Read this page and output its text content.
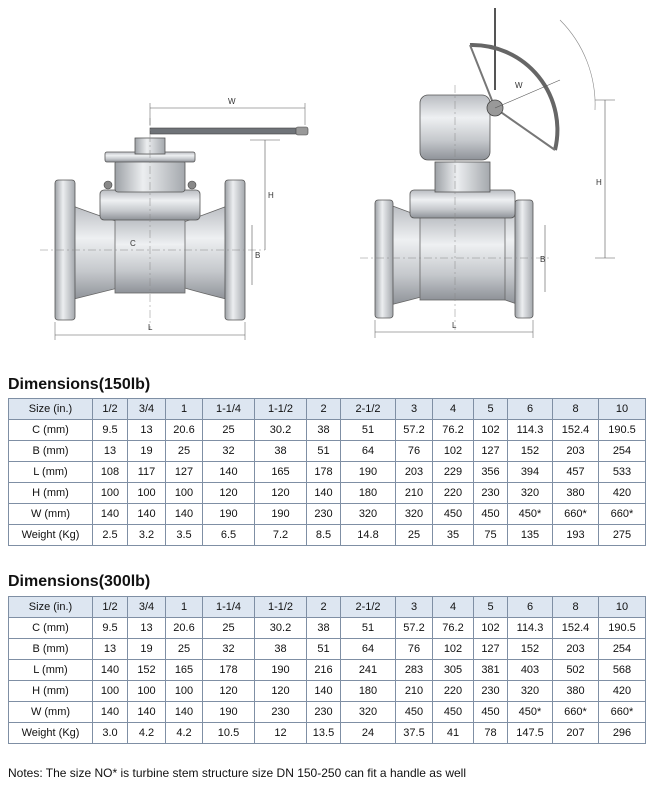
W
H
B
C
L
W
H
B
L
Dimensions(150lb)
Size (in.)	1/2	3/4	1	1-1/4	1-1/2	2	2-1/2	3	4	5	6	8	10
C (mm)	9.5	13	20.6	25	30.2	38	51	57.2	76.2	102	114.3	152.4	190.5
B (mm)	13	19	25	32	38	51	64	76	102	127	152	203	254
L (mm)	108	117	127	140	165	178	190	203	229	356	394	457	533
H (mm)	100	100	100	120	120	140	180	210	220	230	320	380	420
W (mm)	140	140	140	190	190	230	320	320	450	450	450*	660*	660*
Weight (Kg)	2.5	3.2	3.5	6.5	7.2	8.5	14.8	25	35	75	135	193	275
Dimensions(300lb)
Size (in.)	1/2	3/4	1	1-1/4	1-1/2	2	2-1/2	3	4	5	6	8	10
C (mm)	9.5	13	20.6	25	30.2	38	51	57.2	76.2	102	114.3	152.4	190.5
B (mm)	13	19	25	32	38	51	64	76	102	127	152	203	254
L (mm)	140	152	165	178	190	216	241	283	305	381	403	502	568
H (mm)	100	100	100	120	120	140	180	210	220	230	320	380	420
W (mm)	140	140	140	190	230	230	320	450	450	450	450*	660*	660*
Weight (Kg)	3.0	4.2	4.2	10.5	12	13.5	24	37.5	41	78	147.5	207	296
Notes: The size NO* is turbine stem structure size DN 150-250 can fit a handle as well
